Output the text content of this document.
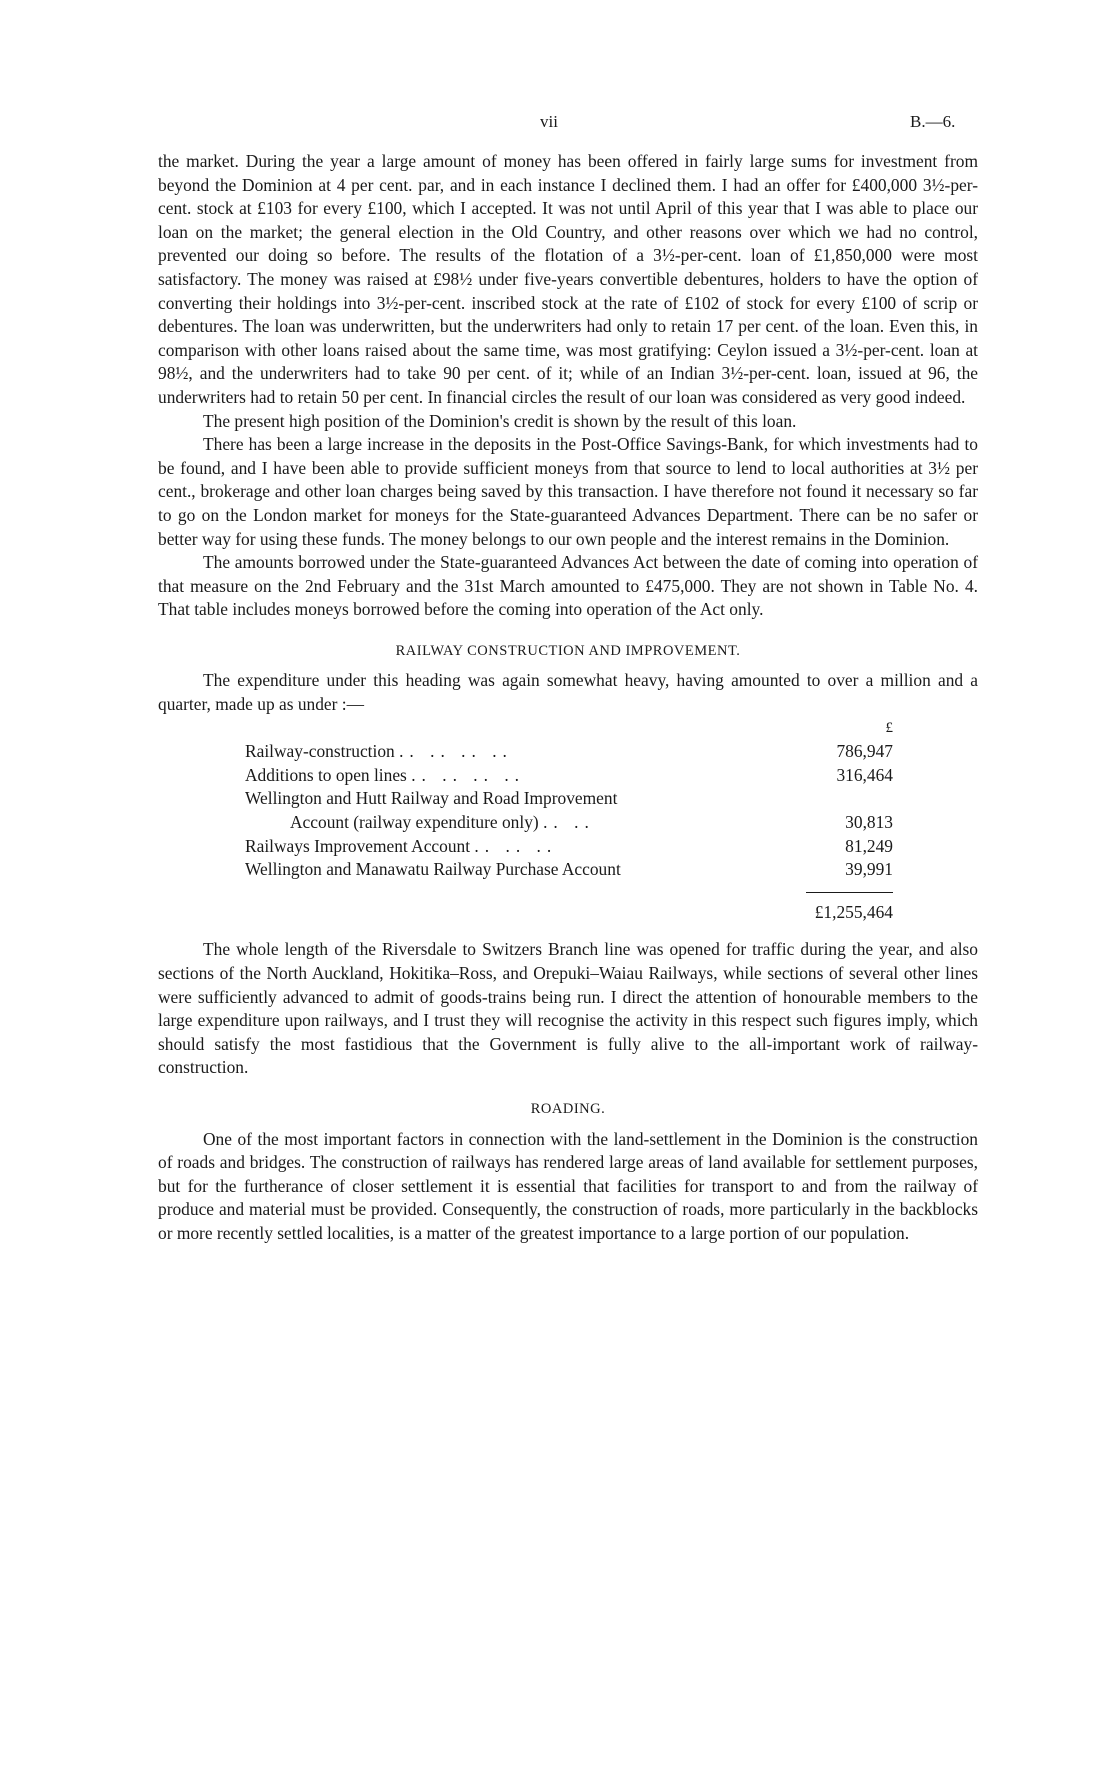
vii	B.—6.

the market. During the year a large amount of money has been offered in fairly large sums for investment from beyond the Dominion at 4 per cent. par, and in each instance I declined them. I had an offer for £400,000 3½-per-cent. stock at £103 for every £100, which I accepted. It was not until April of this year that I was able to place our loan on the market; the general election in the Old Country, and other reasons over which we had no control, prevented our doing so before. The results of the flotation of a 3½-per-cent. loan of £1,850,000 were most satisfactory. The money was raised at £98½ under five-years convertible debentures, holders to have the option of converting their holdings into 3½-per-cent. inscribed stock at the rate of £102 of stock for every £100 of scrip or debentures. The loan was underwritten, but the underwriters had only to retain 17 per cent. of the loan. Even this, in comparison with other loans raised about the same time, was most gratifying: Ceylon issued a 3½-per-cent. loan at 98½, and the underwriters had to take 90 per cent. of it; while of an Indian 3½-per-cent. loan, issued at 96, the underwriters had to retain 50 per cent. In financial circles the result of our loan was considered as very good indeed.

The present high position of the Dominion's credit is shown by the result of this loan.

There has been a large increase in the deposits in the Post-Office Savings-Bank, for which investments had to be found, and I have been able to provide sufficient moneys from that source to lend to local authorities at 3½ per cent., brokerage and other loan charges being saved by this transaction. I have therefore not found it necessary so far to go on the London market for moneys for the State-guaranteed Advances Department. There can be no safer or better way for using these funds. The money belongs to our own people and the interest remains in the Dominion.

The amounts borrowed under the State-guaranteed Advances Act between the date of coming into operation of that measure on the 2nd February and the 31st March amounted to £475,000. They are not shown in Table No. 4. That table includes moneys borrowed before the coming into operation of the Act only.

RAILWAY CONSTRUCTION AND IMPROVEMENT.

The expenditure under this heading was again somewhat heavy, having amounted to over a million and a quarter, made up as under :—

	£
Railway-construction .. .. .. ..	786,947
Additions to open lines .. .. .. ..	316,464
Wellington and Hutt Railway and Road Improvement	
Account (railway expenditure only) .. ..	30,813
Railways Improvement Account .. .. ..	81,249
Wellington and Manawatu Railway Purchase Account	39,991

	£1,255,464

The whole length of the Riversdale to Switzers Branch line was opened for traffic during the year, and also sections of the North Auckland, Hokitika–Ross, and Orepuki–Waiau Railways, while sections of several other lines were sufficiently advanced to admit of goods-trains being run. I direct the attention of honourable members to the large expenditure upon railways, and I trust they will recognise the activity in this respect such figures imply, which should satisfy the most fastidious that the Government is fully alive to the all-important work of railway-construction.

ROADING.

One of the most important factors in connection with the land-settlement in the Dominion is the construction of roads and bridges. The construction of railways has rendered large areas of land available for settlement purposes, but for the furtherance of closer settlement it is essential that facilities for transport to and from the railway of produce and material must be provided. Consequently, the construction of roads, more particularly in the backblocks or more recently settled localities, is a matter of the greatest importance to a large portion of our population.
